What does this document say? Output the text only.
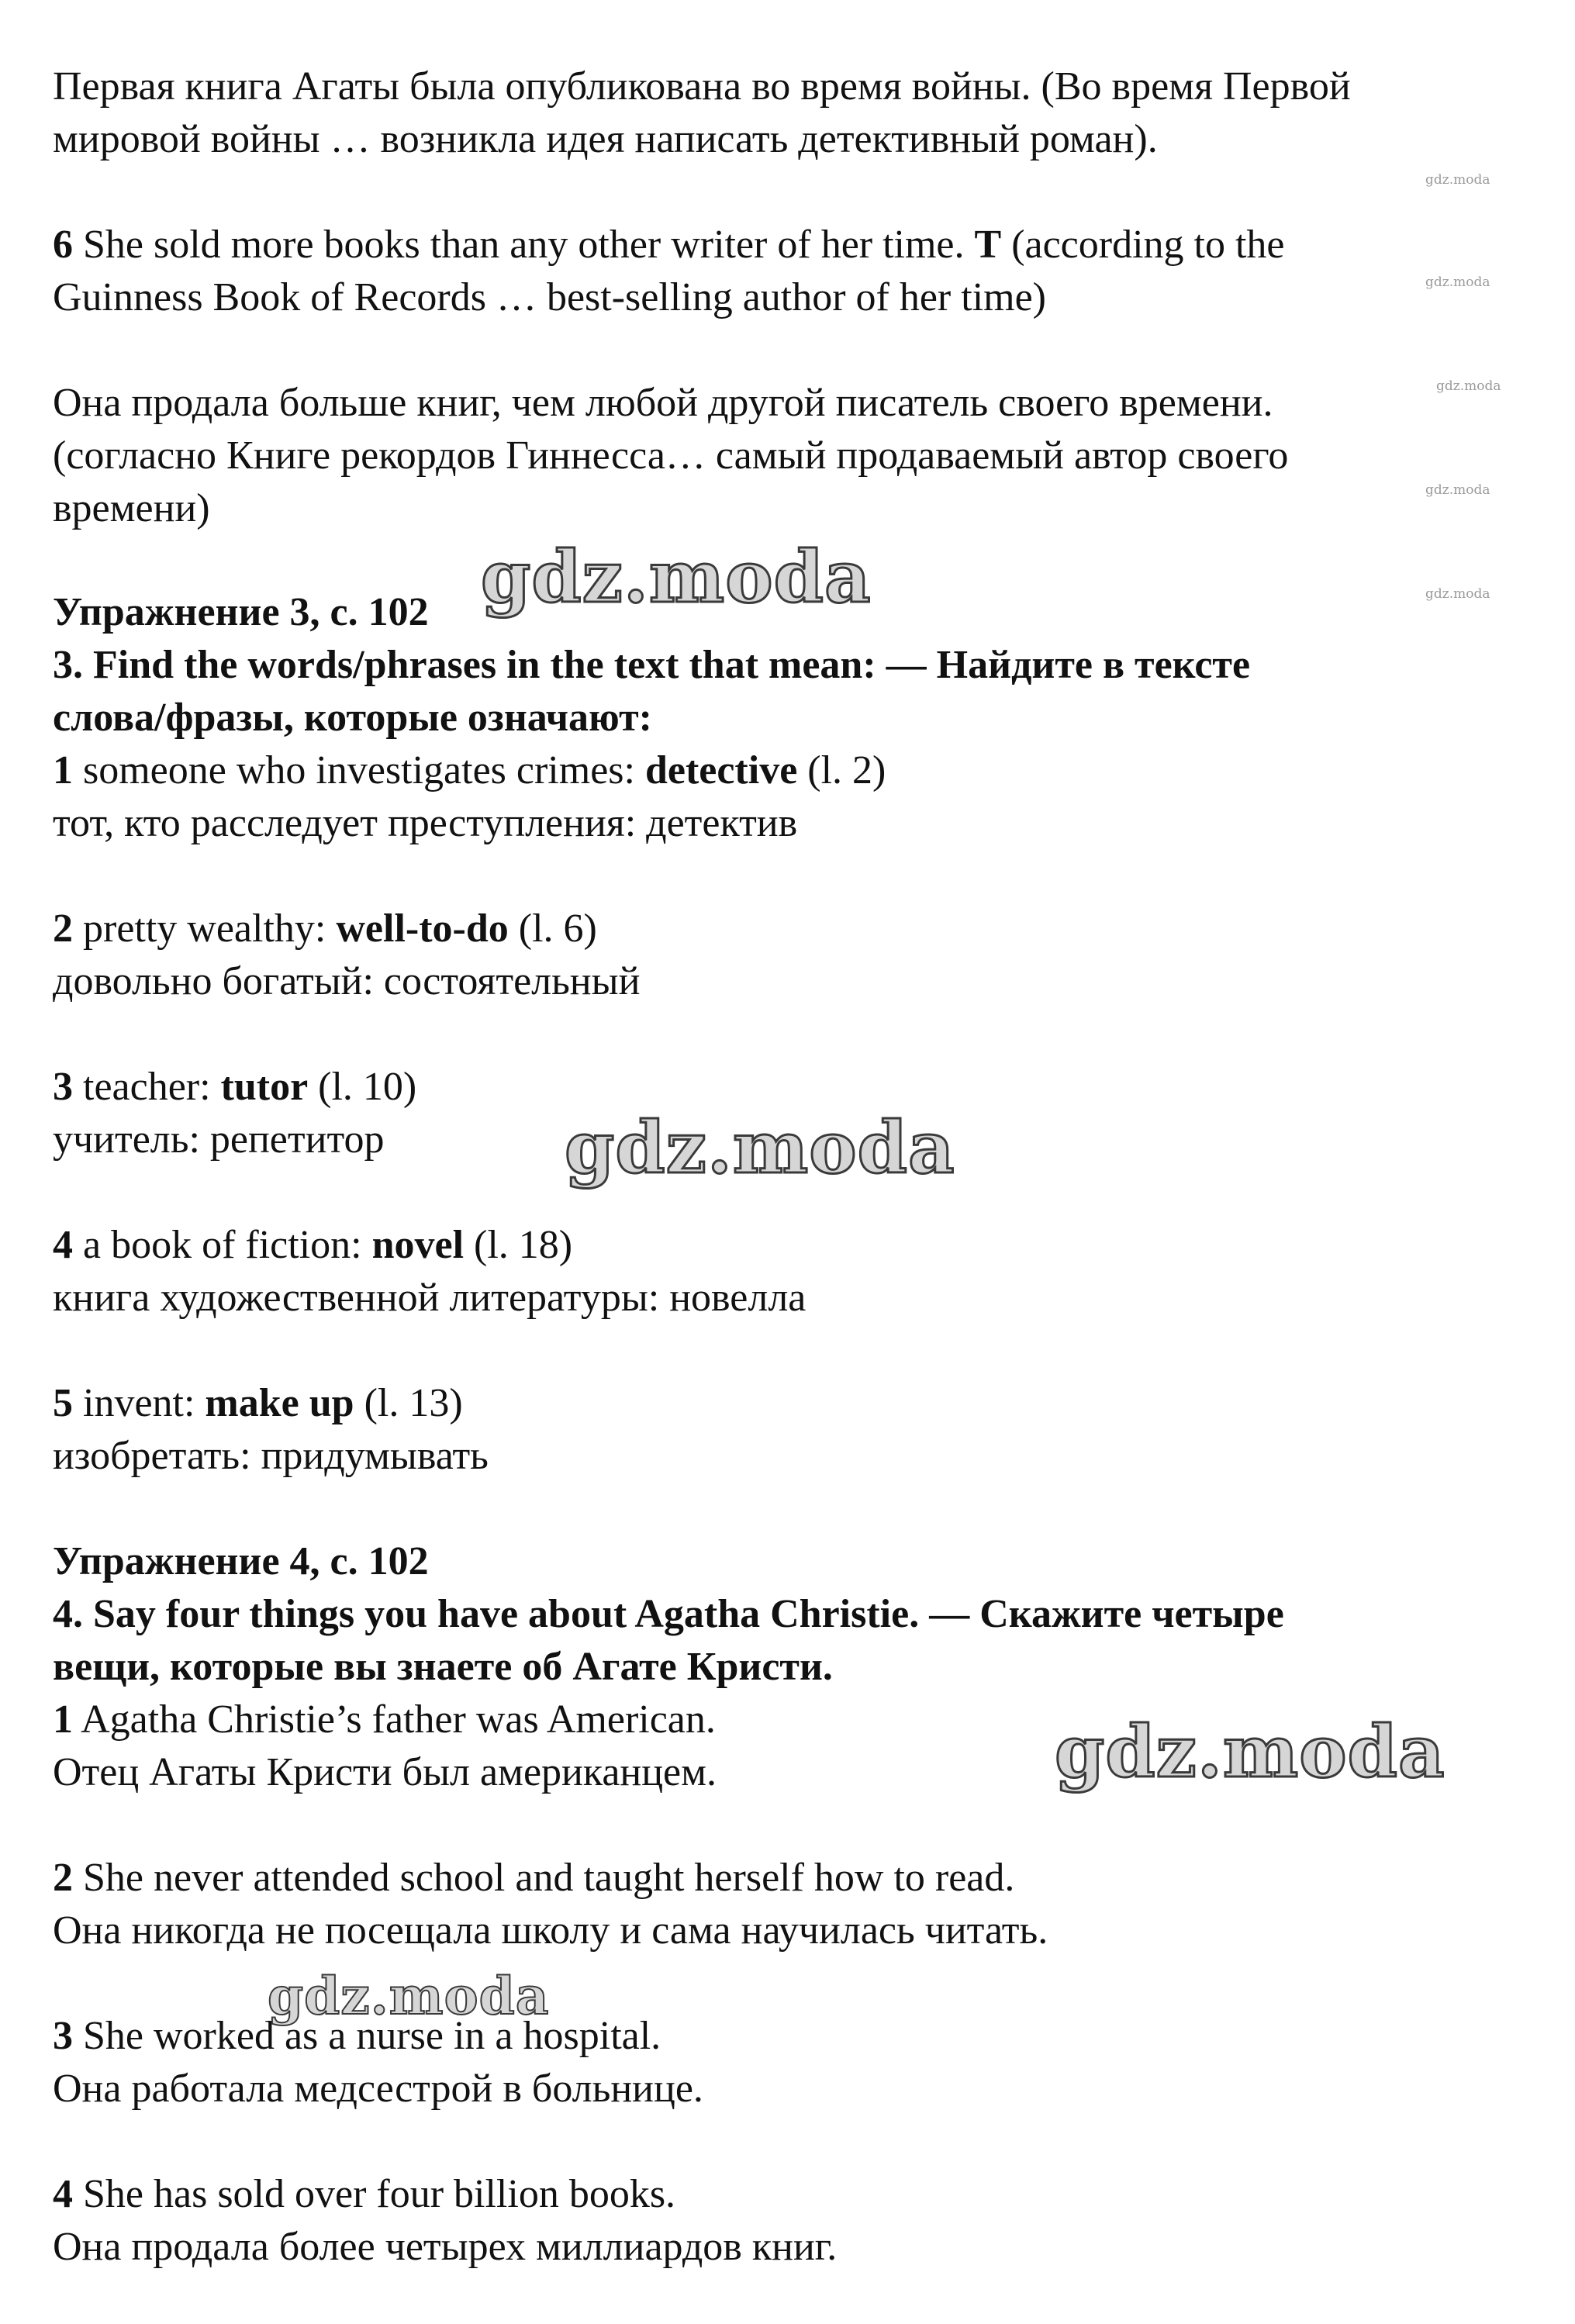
Первая книга Агаты была опубликована во время войны. (Во время Первой
мировой войны … возникла идея написать детективный роман).
6 She sold more books than any other writer of her time. T (according to the
Guinness Book of Records … best-selling author of her time)
Она продала больше книг, чем любой другой писатель своего времени.
(согласно Книге рекордов Гиннесса… самый продаваемый автор своего
времени)
Упражнение 3, с. 102
3. Find the words/phrases in the text that mean: — Найдите в тексте
слова/фразы, которые означают:
1 someone who investigates crimes: detective (l. 2)
тот, кто расследует преступления: детектив
2 pretty wealthy: well-to-do (l. 6)
довольно богатый: состоятельный
3 teacher: tutor (l. 10)
учитель: репетитор
4 a book of fiction: novel (l. 18)
книга художественной литературы: новелла
5 invent: make up (l. 13)
изобретать: придумывать
Упражнение 4, с. 102
4. Say four things you have about Agatha Christie. — Скажите четыре
вещи, которые вы знаете об Агате Кристи.
1 Agatha Christie’s father was American.
Отец Агаты Кристи был американцем.
2 She never attended school and taught herself how to read.
Она никогда не посещала школу и сама научилась читать.
3 She worked as a nurse in a hospital.
Она работала медсестрой в больнице.
4 She has sold over four billion books.
Она продала более четырех миллиардов книг.
gdz.moda
gdz.moda
gdz.moda
gdz.moda
gdz.moda
gdz.moda
gdz.moda
gdz.moda
gdz.moda
